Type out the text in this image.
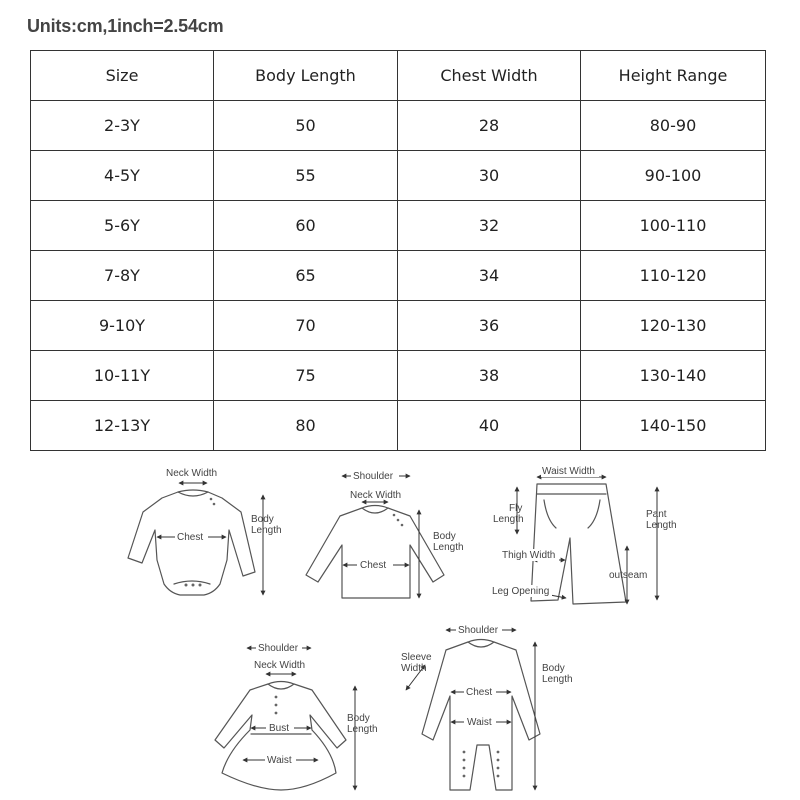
Units:cm,1inch=2.54cm
Size	Body Length	Chest Width	Height Range
2-3Y	50	28	80-90
4-5Y	55	30	90-100
5-6Y	60	32	100-110
7-8Y	65	34	110-120
9-10Y	70	36	120-130
10-11Y	75	38	130-140
12-13Y	80	40	140-150
Neck Width
Chest
Body
Length
Shoulder
Neck Width
Chest
Body
Length
Waist Width
Fly
Length	Pant
Length
Thigh Width
outseam
Leg Opening
Shoulder
Neck Width
Bust
Waist
Body
Length
Shoulder
Sleeve
Width
Chest
Waist
Body
Length
